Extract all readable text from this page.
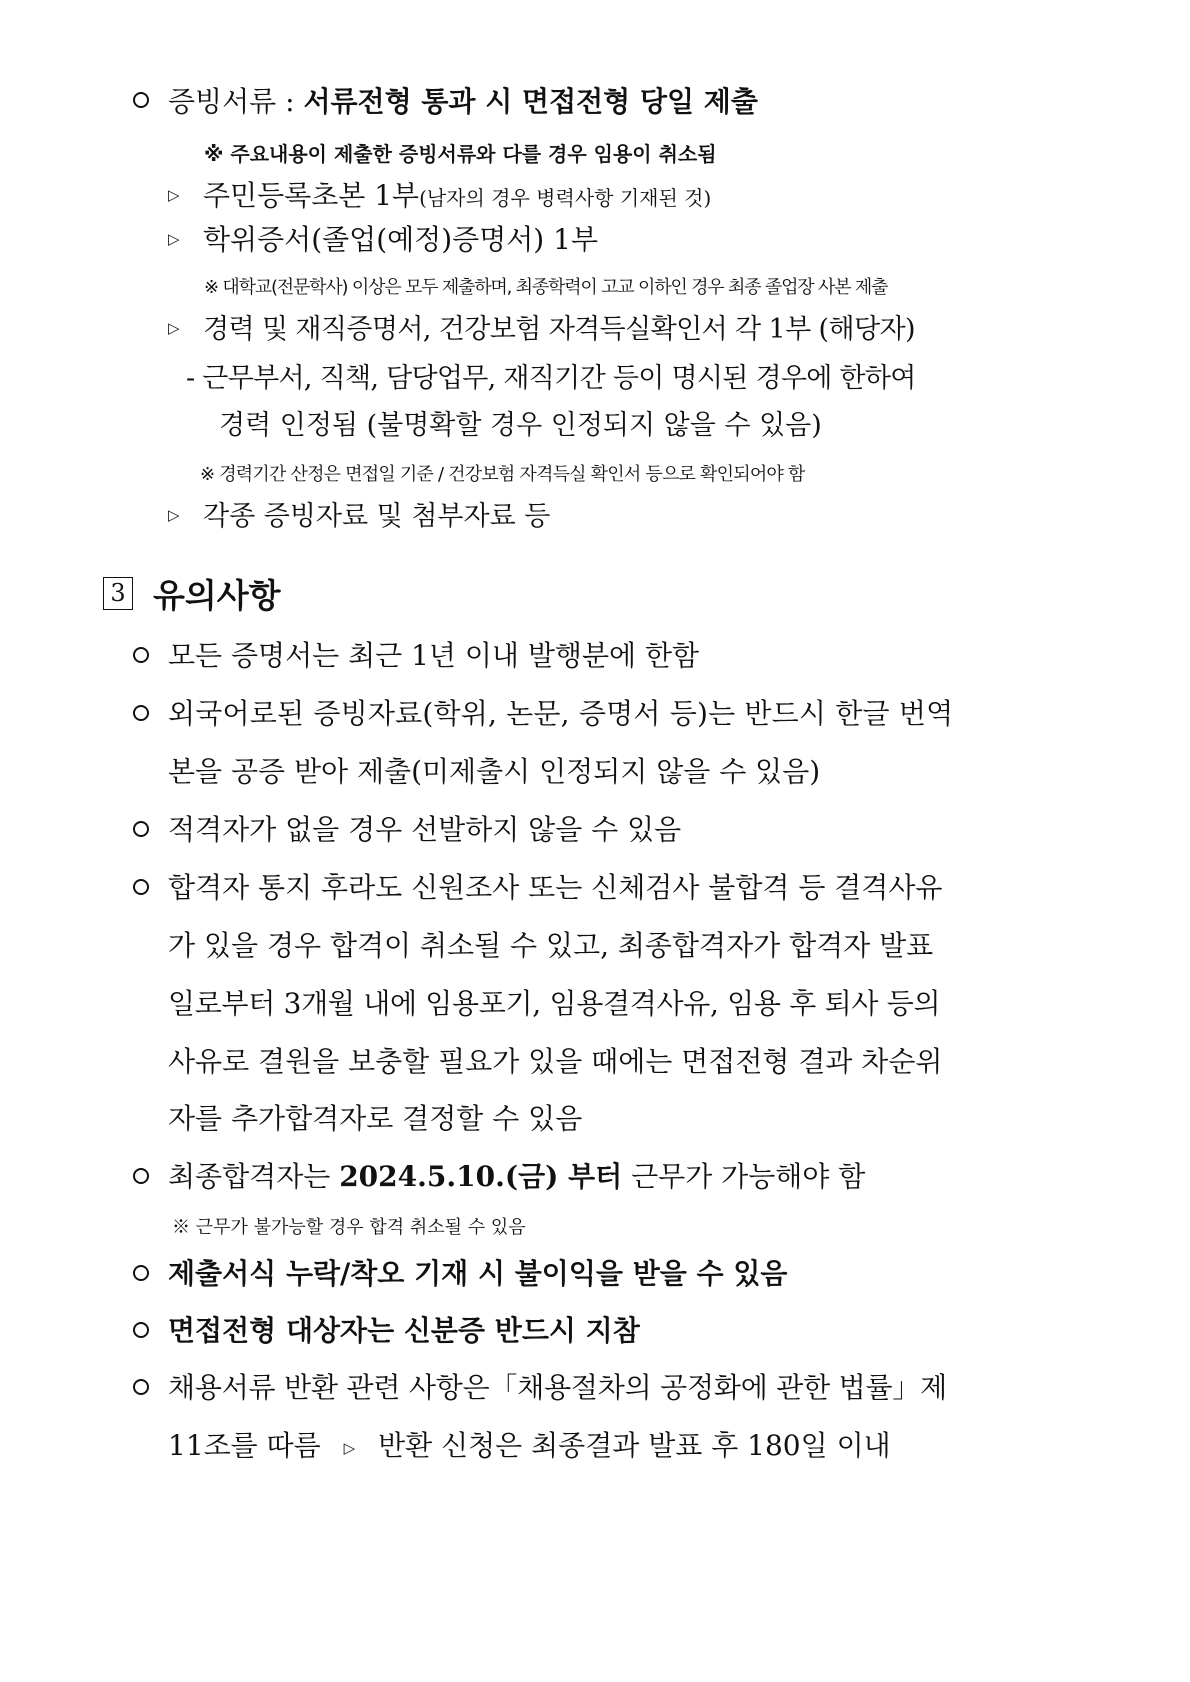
증빙서류 : 서류전형 통과 시 면접전형 당일 제출
※ 주요내용이 제출한 증빙서류와 다를 경우 임용이 취소됨
▷ 주민등록초본 1부(남자의 경우 병력사항 기재된 것)
▷ 학위증서(졸업(예정)증명서) 1부
※ 대학교(전문학사) 이상은 모두 제출하며, 최종학력이 고교 이하인 경우 최종 졸업장 사본 제출
▷ 경력 및 재직증명서, 건강보험 자격득실확인서 각 1부 (해당자)
- 근무부서, 직책, 담당업무, 재직기간 등이 명시된 경우에 한하여
경력 인정됨 (불명확할 경우 인정되지 않을 수 있음)
※ 경력기간 산정은 면접일 기준 / 건강보험 자격득실 확인서 등으로 확인되어야 함
▷ 각종 증빙자료 및 첨부자료 등
3 유의사항
모든 증명서는 최근 1년 이내 발행분에 한함
외국어로된 증빙자료(학위, 논문, 증명서 등)는 반드시 한글 번역
본을 공증 받아 제출(미제출시 인정되지 않을 수 있음)
적격자가 없을 경우 선발하지 않을 수 있음
합격자 통지 후라도 신원조사 또는 신체검사 불합격 등 결격사유
가 있을 경우 합격이 취소될 수 있고, 최종합격자가 합격자 발표
일로부터 3개월 내에 임용포기, 임용결격사유, 임용 후 퇴사 등의
사유로 결원을 보충할 필요가 있을 때에는 면접전형 결과 차순위
자를 추가합격자로 결정할 수 있음
최종합격자는 2024.5.10.(금) 부터 근무가 가능해야 함
※ 근무가 불가능할 경우 합격 취소될 수 있음
제출서식 누락/착오 기재 시 불이익을 받을 수 있음
면접전형 대상자는 신분증 반드시 지참
채용서류 반환 관련 사항은「채용절차의 공정화에 관한 법률」제
11조를 따름 ▷ 반환 신청은 최종결과 발표 후 180일 이내
